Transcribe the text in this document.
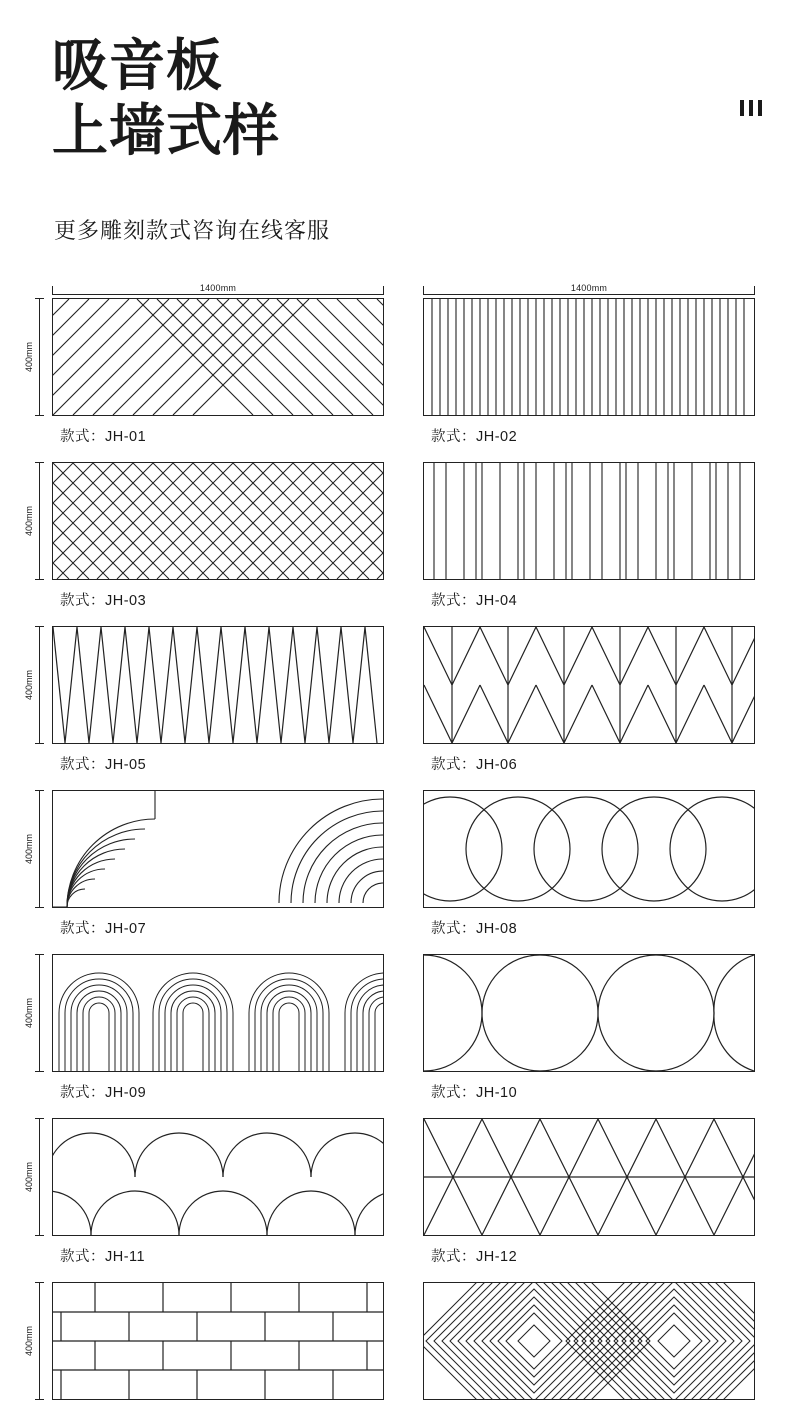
吸音板
上墙式样
更多雕刻款式咨询在线客服
1400mm
400mm
款式：JH-01
1400mm
款式：JH-02
400mm
款式：JH-03	款式：JH-04
400mm
款式：JH-05	款式：JH-06
400mm
款式：JH-07	款式：JH-08
400mm
款式：JH-09	款式：JH-10
400mm
款式：JH-11	款式：JH-12
400mm
